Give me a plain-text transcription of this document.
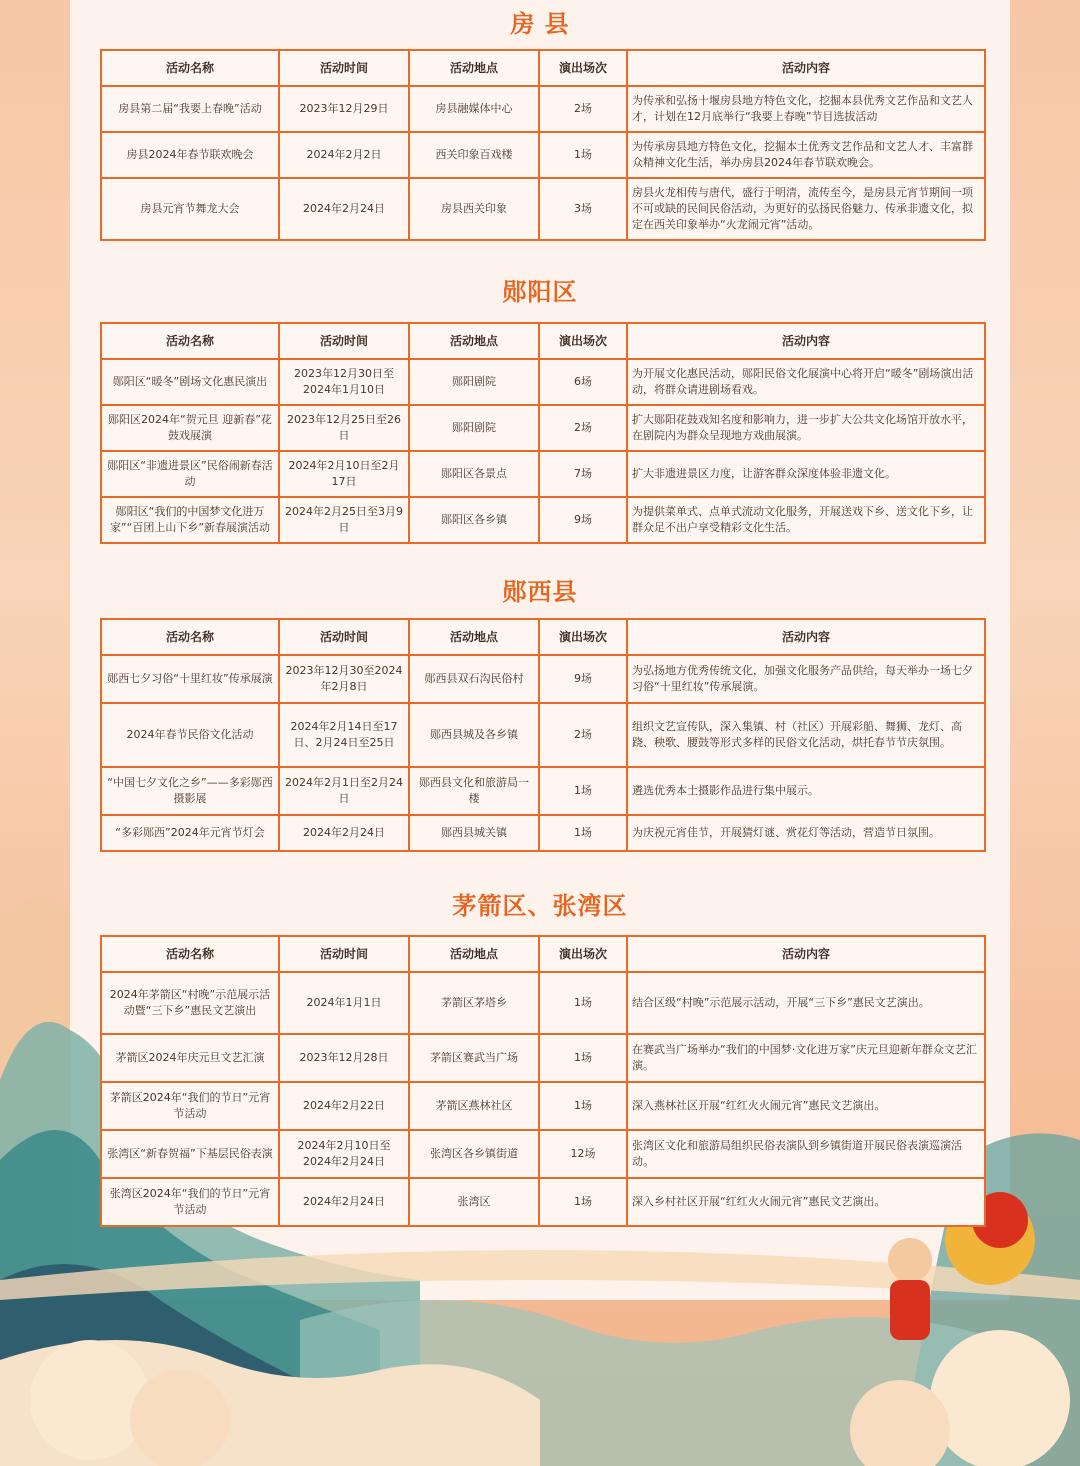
房 县
活动名称	活动时间	活动地点	演出场次	活动内容
房县第二届“我要上春晚”活动	2023年12月29日	房县融媒体中心	2场	为传承和弘扬十堰房县地方特色文化，挖掘本县优秀文艺作品和文艺人才，计划在12月底举行“我要上春晚”节目选拔活动
房县2024年春节联欢晚会	2024年2月2日	西关印象百戏楼	1场	为传承房县地方特色文化，挖掘本土优秀文艺作品和文艺人才、丰富群众精神文化生活，举办房县2024年春节联欢晚会。
房县元宵节舞龙大会	2024年2月24日	房县西关印象	3场	房县火龙相传与唐代，盛行于明清，流传至今，是房县元宵节期间一项不可或缺的民间民俗活动，为更好的弘扬民俗魅力、传承非遗文化，拟定在西关印象举办“火龙闹元宵”活动。
郧阳区
活动名称	活动时间	活动地点	演出场次	活动内容
郧阳区“暖冬”剧场文化惠民演出	2023年12月30日至2024年1月10日	郧阳剧院	6场	为开展文化惠民活动，郧阳民俗文化展演中心将开启“暖冬”剧场演出活动，将群众请进剧场看戏。
郧阳区2024年“贺元旦 迎新春”花鼓戏展演	2023年12月25日至26日	郧阳剧院	2场	扩大郧阳花鼓戏知名度和影响力，进一步扩大公共文化场馆开放水平，在剧院内为群众呈现地方戏曲展演。
郧阳区“非遗进景区”民俗闹新春活动	2024年2月10日至2月17日	郧阳区各景点	7场	扩大非遗进景区力度，让游客群众深度体验非遗文化。
郧阳区“我们的中国梦文化进万家”“百团上山下乡”新春展演活动	2024年2月25日至3月9日	郧阳区各乡镇	9场	为提供菜单式、点单式流动文化服务，开展送戏下乡、送文化下乡，让群众足不出户享受精彩文化生活。
郧西县
活动名称	活动时间	活动地点	演出场次	活动内容
郧西七夕习俗“十里红妆”传承展演	2023年12月30至2024年2月8日	郧西县双石沟民俗村	9场	为弘扬地方优秀传统文化，加强文化服务产品供给，每天举办一场七夕习俗“十里红妆”传承展演。
2024年春节民俗文化活动	2024年2月14日至17日、2月24日至25日	郧西县城及各乡镇	2场	组织文艺宣传队，深入集镇、村（社区）开展彩船、舞狮、龙灯、高跷、秧歌、腰鼓等形式多样的民俗文化活动，烘托春节节庆氛围。
“中国七夕文化之乡”——多彩郧西摄影展	2024年2月1日至2月24日	郧西县文化和旅游局一楼	1场	遴选优秀本土摄影作品进行集中展示。
“多彩郧西”2024年元宵节灯会	2024年2月24日	郧西县城关镇	1场	为庆祝元宵佳节，开展猜灯谜、赏花灯等活动，营造节日氛围。
茅箭区、张湾区
活动名称	活动时间	活动地点	演出场次	活动内容
2024年茅箭区“村晚”示范展示活动暨“三下乡”惠民文艺演出	2024年1月1日	茅箭区茅塔乡	1场	结合区级“村晚”示范展示活动，开展“三下乡”惠民文艺演出。
茅箭区2024年庆元旦文艺汇演	2023年12月28日	茅箭区赛武当广场	1场	在赛武当广场举办“我们的中国梦·文化进万家”庆元旦迎新年群众文艺汇演。
茅箭区2024年“我们的节日”元宵节活动	2024年2月22日	茅箭区燕林社区	1场	深入燕林社区开展“红红火火闹元宵”惠民文艺演出。
张湾区“新春贺福”下基层民俗表演	2024年2月10日至2024年2月24日	张湾区各乡镇街道	12场	张湾区文化和旅游局组织民俗表演队到乡镇街道开展民俗表演巡演活动。
张湾区2024年“我们的节日”元宵节活动	2024年2月24日	张湾区	1场	深入乡村社区开展“红红火火闹元宵”惠民文艺演出。
